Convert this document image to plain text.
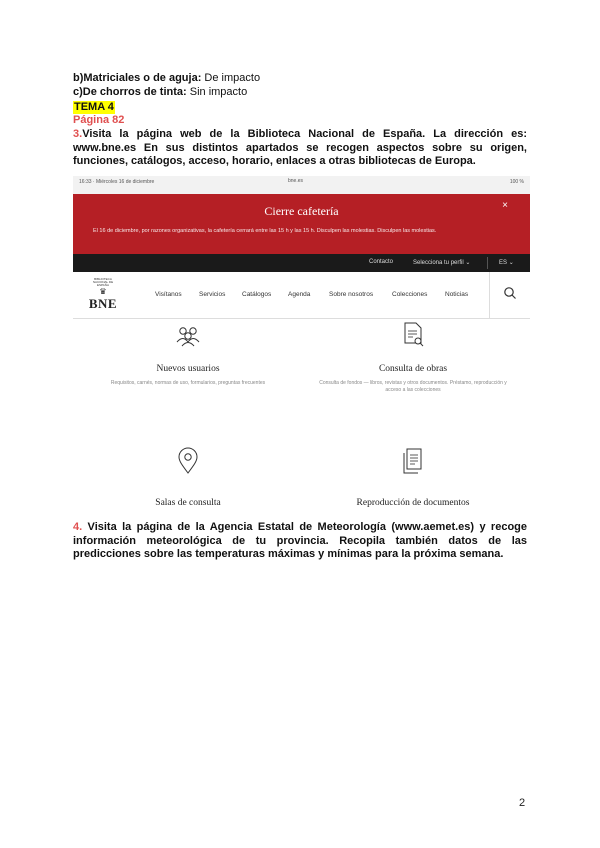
b)Matriciales o de aguja: De impacto
c)De chorros de tinta: Sin impacto
TEMA 4
Página 82
3.Visita la página web de la Biblioteca Nacional de España. La dirección es: www.bne.es En sus distintos apartados se recogen aspectos sobre su origen, funciones, catálogos, acceso, horario, enlaces a otras bibliotecas de Europa.
16:33 · Miércoles 16 de diciembre	bne.es	100 %
Cierre cafetería	×
El 16 de diciembre, por razones organizativas, la cafetería cerrará entre las 15 h y las 15 h. Disculpen las molestias. Disculpen las molestias.
Contacto	Selecciona tu perfil ⌄	ES ⌄
BIBLIOTECA NACIONAL DE ESPAÑA
♛
BNE
Visítanos	Servicios	Catálogos	Agenda	Sobre nosotros	Colecciones	Noticias
Nuevos usuarios
Requisitos, carnés, normas de uso, formularios, preguntas frecuentes
Consulta de obras
Consulta de fondos — libros, revistas y otros documentos. Préstamo, reproducción y acceso a las colecciones
Salas de consulta	Reproducción de documentos
4. Visita la página de la Agencia Estatal de Meteorología (www.aemet.es) y recoge información meteorológica de tu provincia. Recopila también datos de las predicciones sobre las temperaturas máximas y mínimas para la próxima semana.
2
